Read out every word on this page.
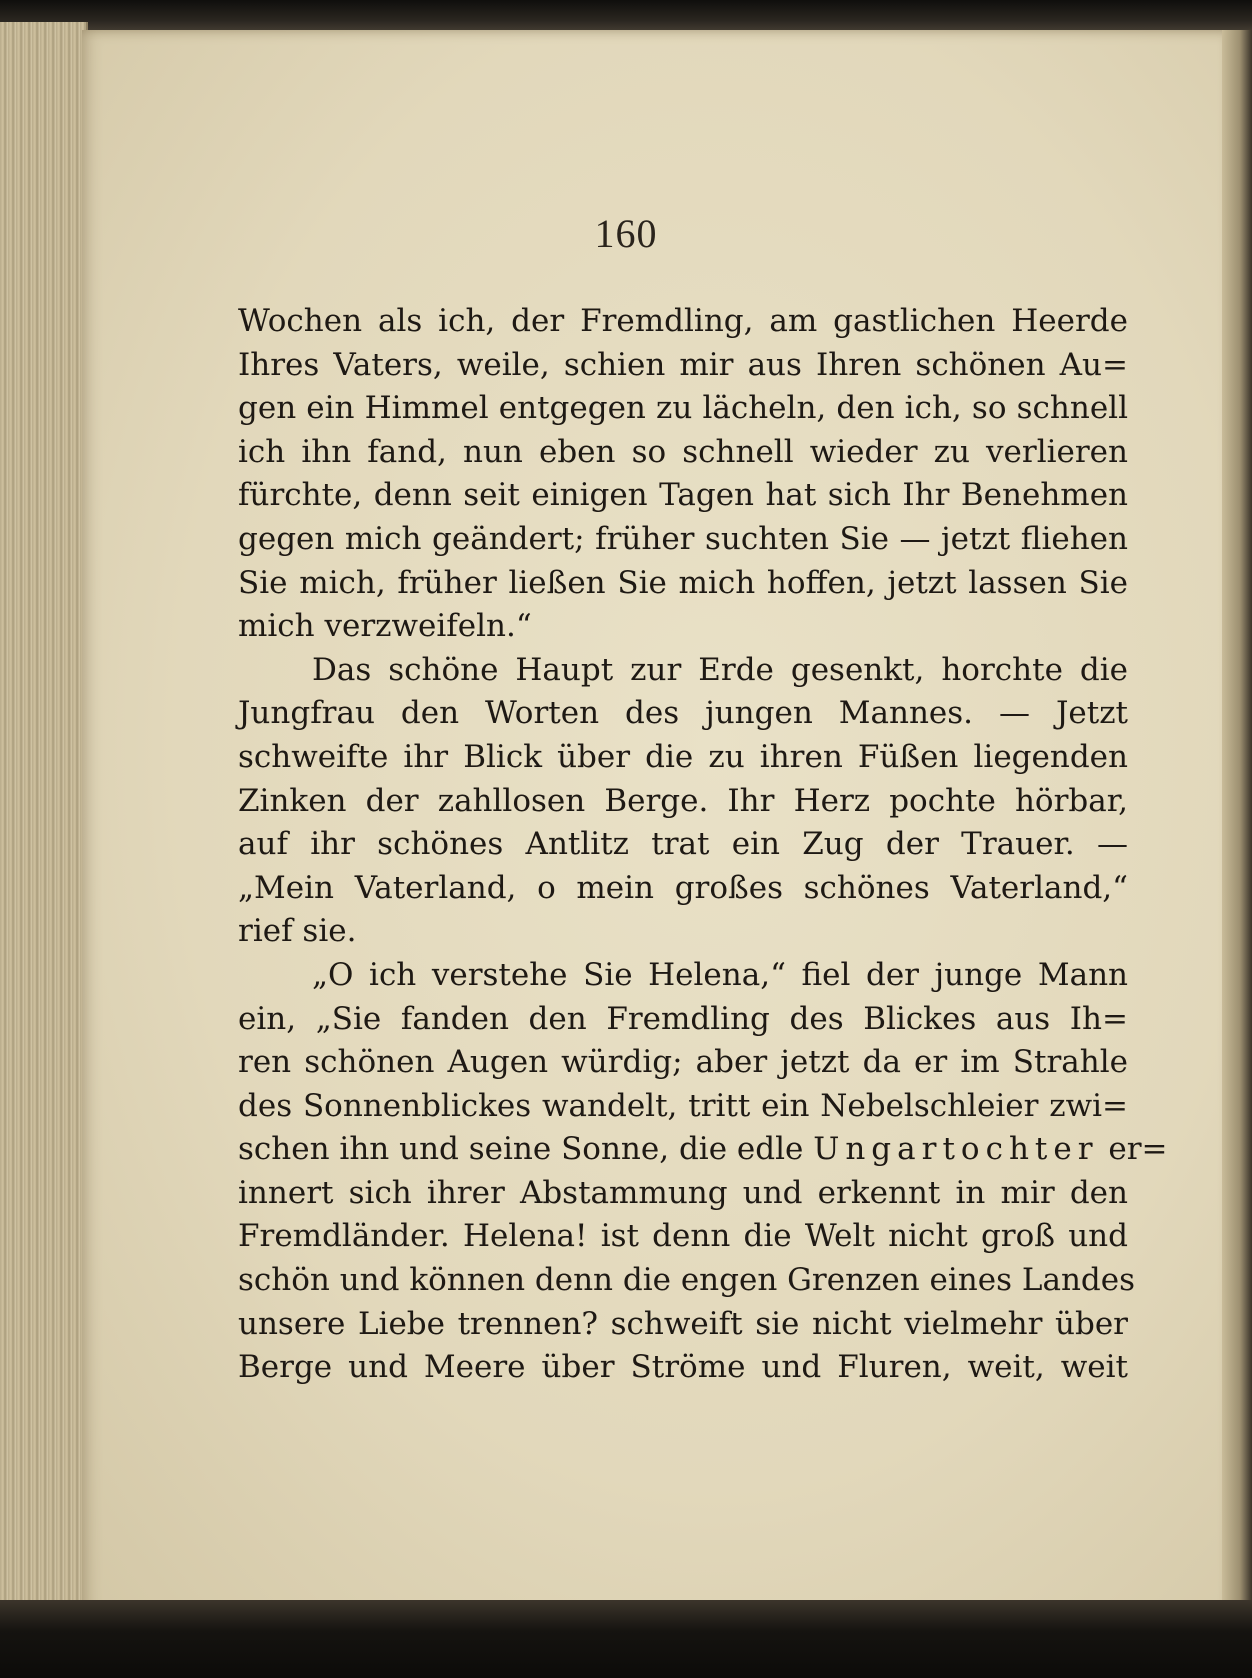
160
Wochen als ich, der Fremdling, am gastlichen Heerde
Ihres Vaters, weile, schien mir aus Ihren schönen Au=
gen ein Himmel entgegen zu lächeln, den ich, so schnell
ich ihn fand, nun eben so schnell wieder zu verlieren
fürchte, denn seit einigen Tagen hat sich Ihr Benehmen
gegen mich geändert; früher suchten Sie — jetzt fliehen
Sie mich, früher ließen Sie mich hoffen, jetzt lassen Sie
mich verzweifeln.“
Das schöne Haupt zur Erde gesenkt, horchte die
Jungfrau den Worten des jungen Mannes. — Jetzt
schweifte ihr Blick über die zu ihren Füßen liegenden
Zinken der zahllosen Berge. Ihr Herz pochte hörbar,
auf ihr schönes Antlitz trat ein Zug der Trauer. —
„Mein Vaterland, o mein großes schönes Vaterland,“
rief sie.
„O ich verstehe Sie Helena,“ fiel der junge Mann
ein, „Sie fanden den Fremdling des Blickes aus Ih=
ren schönen Augen würdig; aber jetzt da er im Strahle
des Sonnenblickes wandelt, tritt ein Nebelschleier zwi=
schen ihn und seine Sonne, die edle Ungartochter er=
innert sich ihrer Abstammung und erkennt in mir den
Fremdländer. Helena! ist denn die Welt nicht groß und
schön und können denn die engen Grenzen eines Landes
unsere Liebe trennen? schweift sie nicht vielmehr über
Berge und Meere über Ströme und Fluren, weit, weit
